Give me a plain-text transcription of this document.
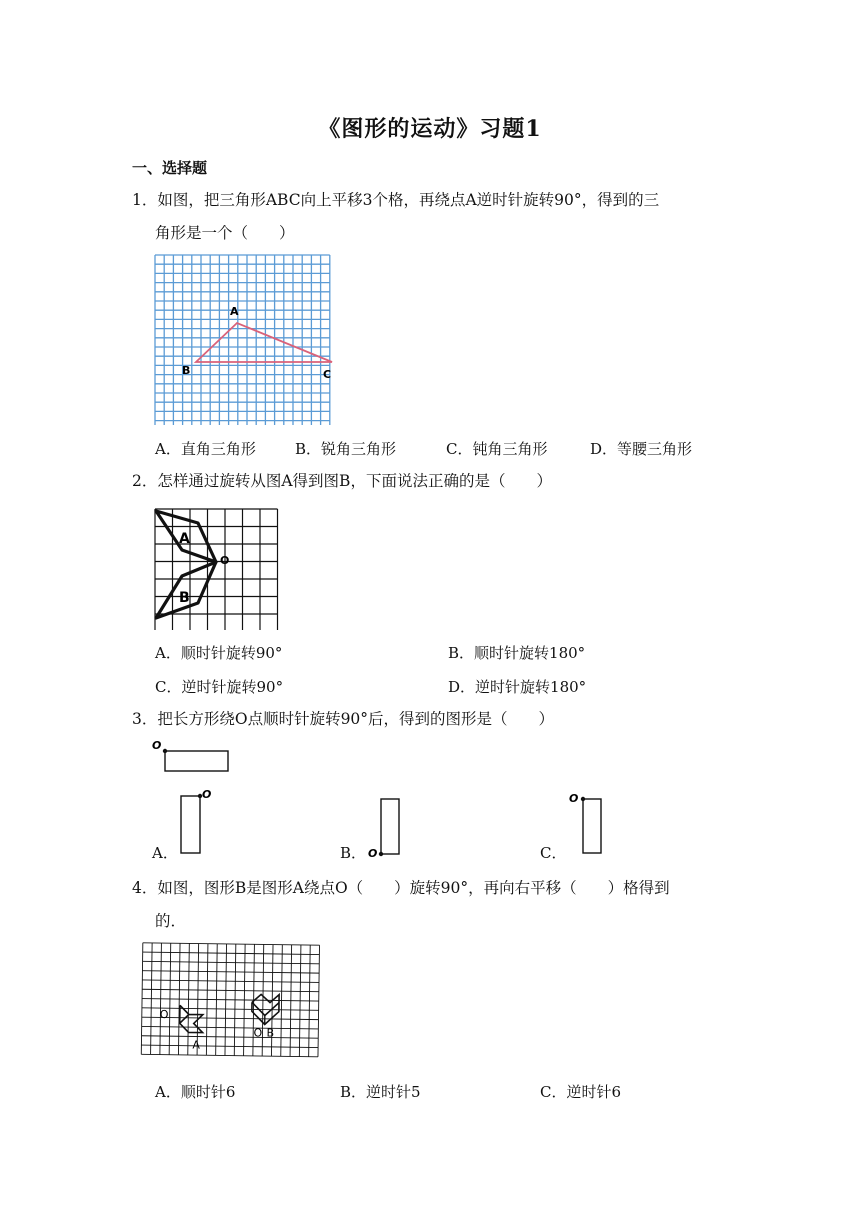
《图形的运动》习题1
一、选择题
1．如图，把三角形ABC向上平移3个格，再绕点A逆时针旋转90°，得到的三
角形是一个（　　）
A
B	C
A．直角三角形	B．锐角三角形	C．钝角三角形	D．等腰三角形
2．怎样通过旋转从图A得到图B，下面说法正确的是（　　）
A
B
O
A．顺时针旋转90°	B．顺时针旋转180°
C．逆时针旋转90°	D．逆时针旋转180°
3．把长方形绕O点顺时针旋转90°后，得到的图形是（　　）
O
A．
O
B． O	C．
O
4．如图，图形B是图形A绕点O（　　）旋转90°，再向右平移（　　）格得到
的．
O
A
O B
A．顺时针6	B．逆时针5	C．逆时针6
